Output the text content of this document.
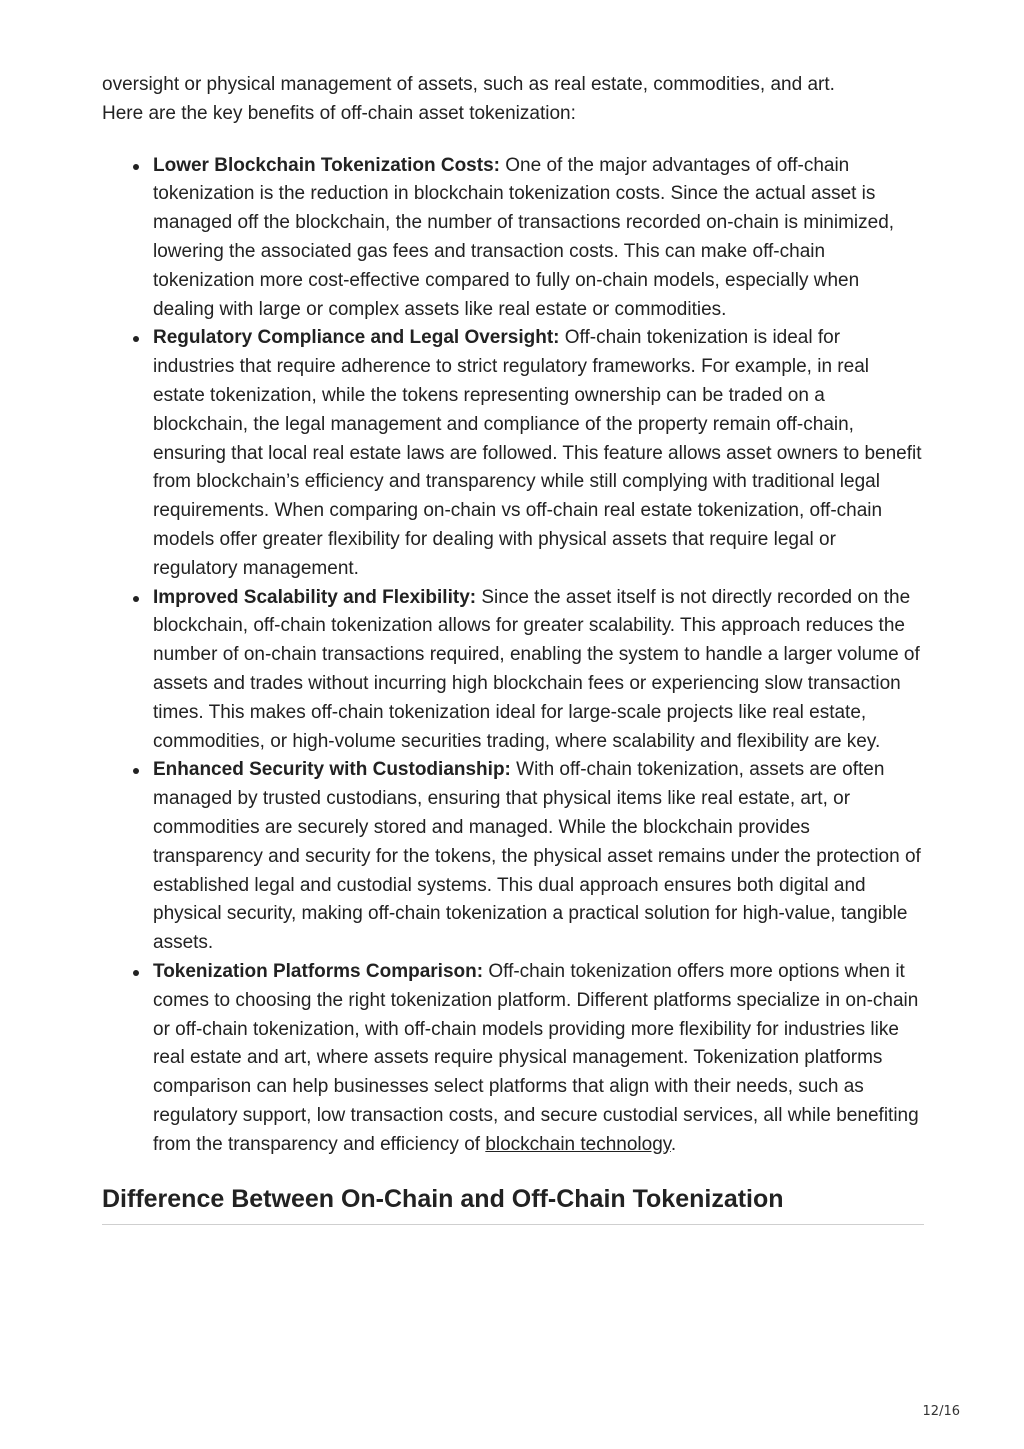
oversight or physical management of assets, such as real estate, commodities, and art.
Here are the key benefits of off-chain asset tokenization:

Lower Blockchain Tokenization Costs: One of the major advantages of off-chain tokenization is the reduction in blockchain tokenization costs. Since the actual asset is managed off the blockchain, the number of transactions recorded on-chain is minimized, lowering the associated gas fees and transaction costs. This can make off-chain tokenization more cost-effective compared to fully on-chain models, especially when dealing with large or complex assets like real estate or commodities.
Regulatory Compliance and Legal Oversight: Off-chain tokenization is ideal for industries that require adherence to strict regulatory frameworks. For example, in real estate tokenization, while the tokens representing ownership can be traded on a blockchain, the legal management and compliance of the property remain off-chain, ensuring that local real estate laws are followed. This feature allows asset owners to benefit from blockchain’s efficiency and transparency while still complying with traditional legal requirements. When comparing on-chain vs off-chain real estate tokenization, off-chain models offer greater flexibility for dealing with physical assets that require legal or regulatory management.
Improved Scalability and Flexibility: Since the asset itself is not directly recorded on the blockchain, off-chain tokenization allows for greater scalability. This approach reduces the number of on-chain transactions required, enabling the system to handle a larger volume of assets and trades without incurring high blockchain fees or experiencing slow transaction times. This makes off-chain tokenization ideal for large-scale projects like real estate, commodities, or high-volume securities trading, where scalability and flexibility are key.
Enhanced Security with Custodianship: With off-chain tokenization, assets are often managed by trusted custodians, ensuring that physical items like real estate, art, or commodities are securely stored and managed. While the blockchain provides transparency and security for the tokens, the physical asset remains under the protection of established legal and custodial systems. This dual approach ensures both digital and physical security, making off-chain tokenization a practical solution for high-value, tangible assets.
Tokenization Platforms Comparison: Off-chain tokenization offers more options when it comes to choosing the right tokenization platform. Different platforms specialize in on-chain or off-chain tokenization, with off-chain models providing more flexibility for industries like real estate and art, where assets require physical management. Tokenization platforms comparison can help businesses select platforms that align with their needs, such as regulatory support, low transaction costs, and secure custodial services, all while benefiting from the transparency and efficiency of blockchain technology.
Difference Between On-Chain and Off-Chain Tokenization
12/16
